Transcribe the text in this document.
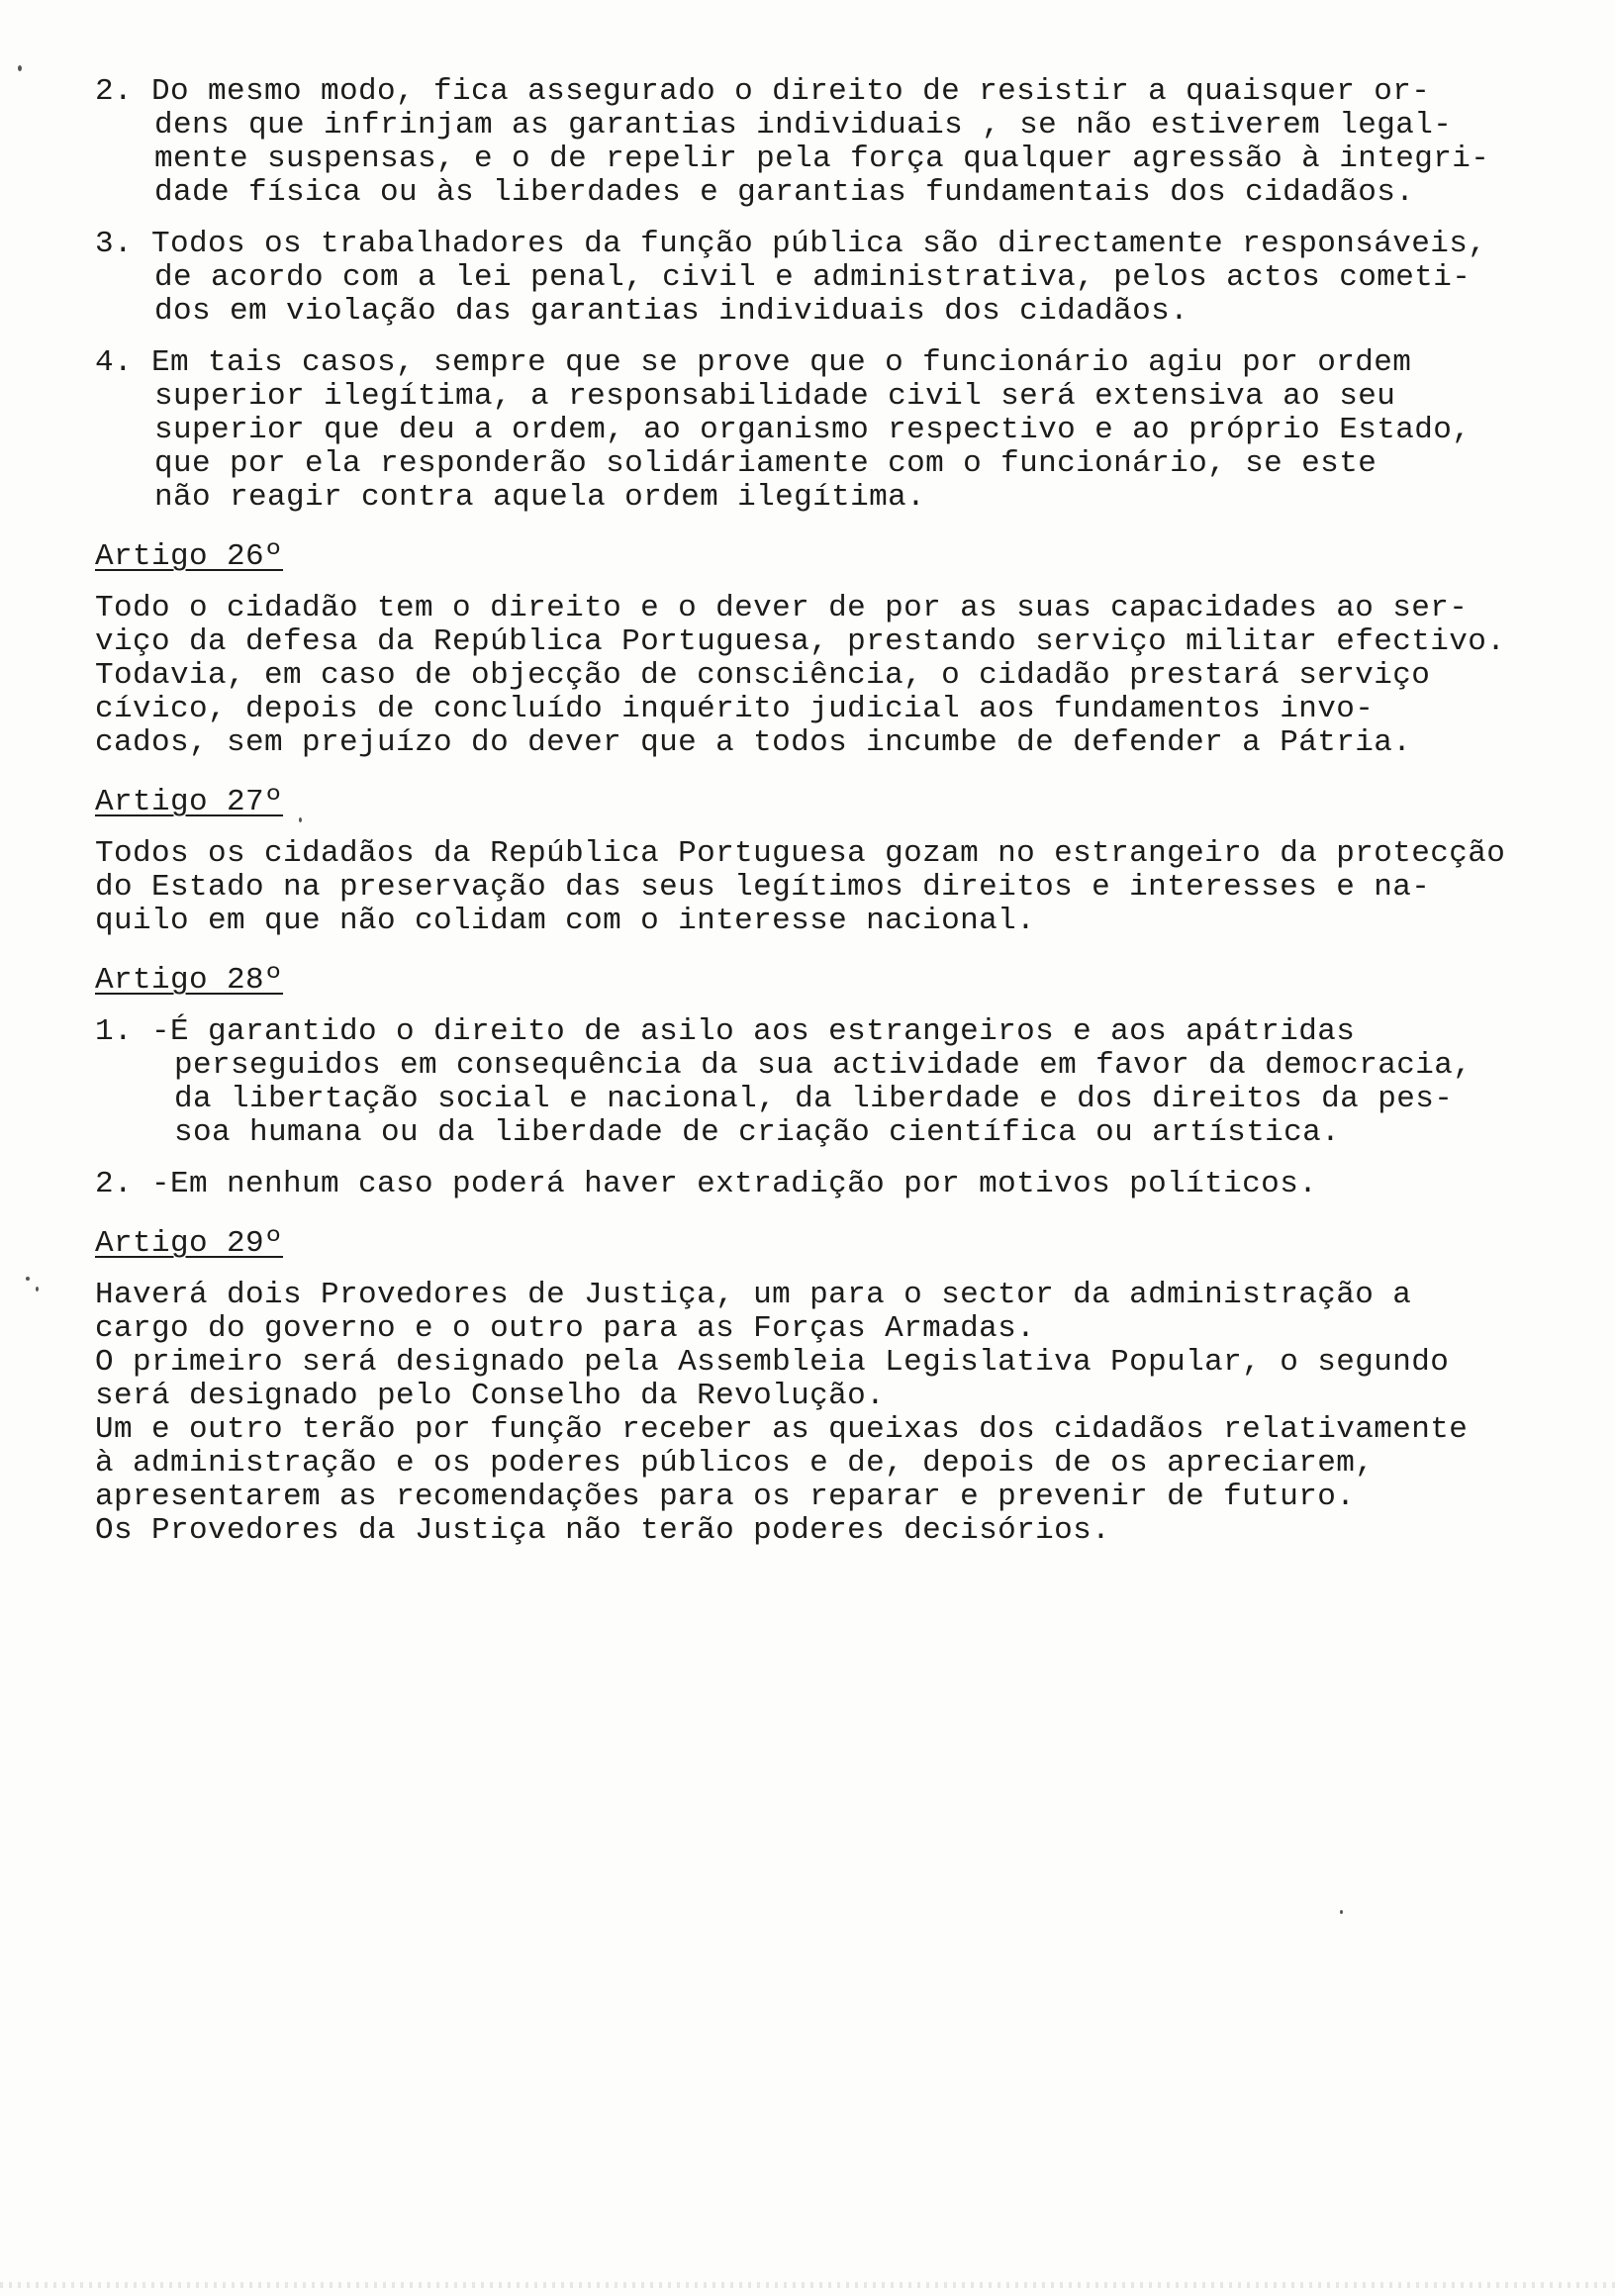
2. Do mesmo modo, fica assegurado o direito de resistir a quaisquer or-
dens que infrinjam as garantias individuais , se não estiverem legal-
mente suspensas, e o de repelir pela força qualquer agressão à integri-
dade física ou às liberdades e garantias fundamentais dos cidadãos.
3. Todos os trabalhadores da função pública são directamente responsáveis,
de acordo com a lei penal, civil e administrativa, pelos actos cometi-
dos em violação das garantias individuais dos cidadãos.
4. Em tais casos, sempre que se prove que o funcionário agiu por ordem
superior ilegítima, a responsabilidade civil será extensiva ao seu
superior que deu a ordem, ao organismo respectivo e ao próprio Estado,
que por ela responderão solidáriamente com o funcionário, se este
não reagir contra aquela ordem ilegítima.
Artigo 26º
Todo o cidadão tem o direito e o dever de por as suas capacidades ao ser-
viço da defesa da República Portuguesa, prestando serviço militar efectivo.
Todavia, em caso de objecção de consciência, o cidadão prestará serviço
cívico, depois de concluído inquérito judicial aos fundamentos invo-
cados, sem prejuízo do dever que a todos incumbe de defender a Pátria.
Artigo 27º
Todos os cidadãos da República Portuguesa gozam no estrangeiro da protecção
do Estado na preservação das seus legítimos direitos e interesses e na-
quilo em que não colidam com o interesse nacional.
Artigo 28º
1. -É garantido o direito de asilo aos estrangeiros e aos apátridas
perseguidos em consequência da sua actividade em favor da democracia,
da libertação social e nacional, da liberdade e dos direitos da pes-
soa humana ou da liberdade de criação científica ou artística.
2. -Em nenhum caso poderá haver extradição por motivos políticos.
Artigo 29º
Haverá dois Provedores de Justiça, um para o sector da administração a
cargo do governo e o outro para as Forças Armadas.
O primeiro será designado pela Assembleia Legislativa Popular, o segundo
será designado pelo Conselho da Revolução.
Um e outro terão por função receber as queixas dos cidadãos relativamente
à administração e os poderes públicos e de, depois de os apreciarem,
apresentarem as recomendações para os reparar e prevenir de futuro.
Os Provedores da Justiça não terão poderes decisórios.
